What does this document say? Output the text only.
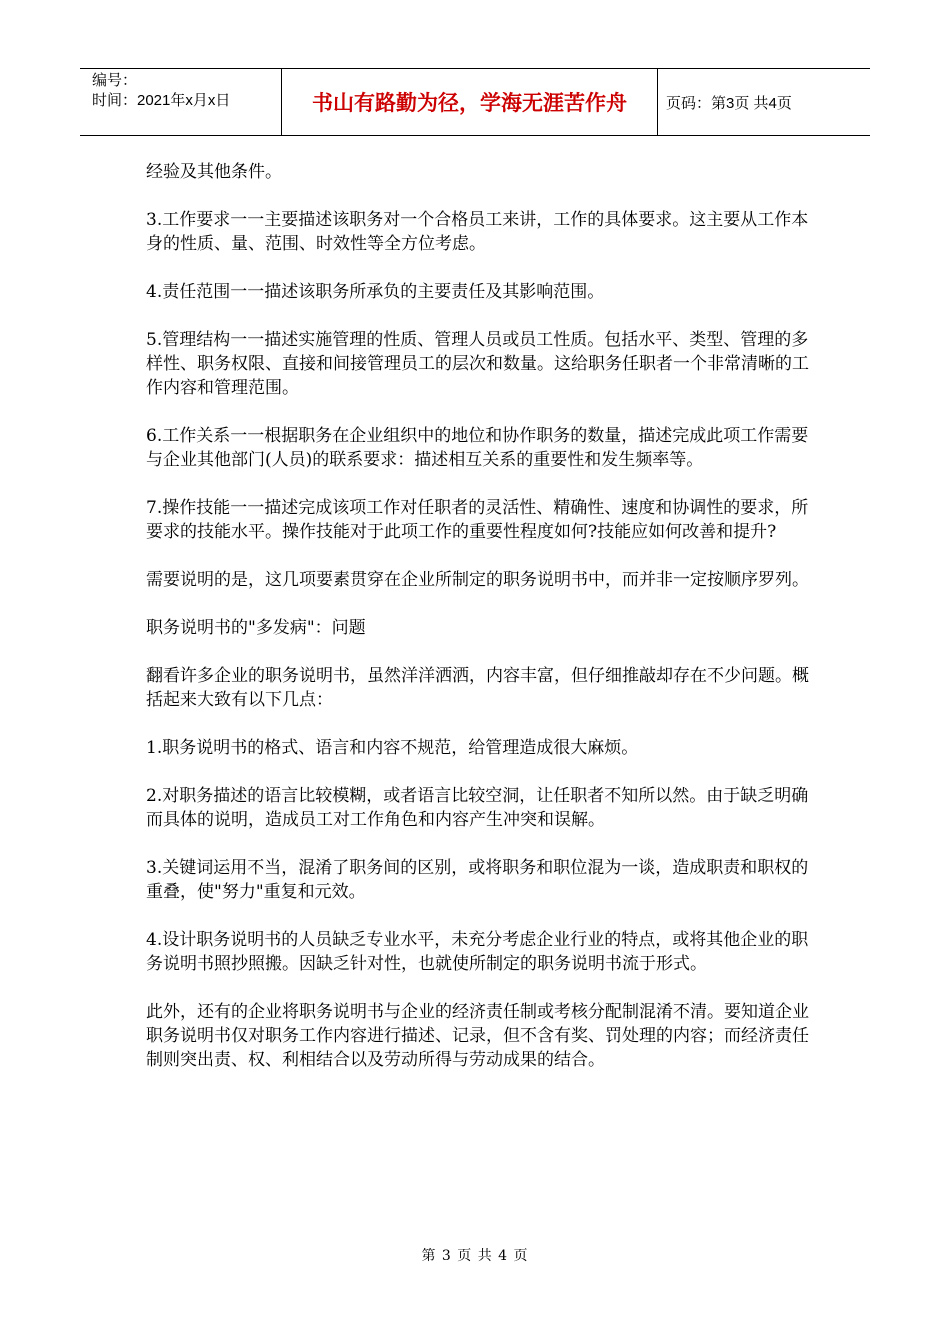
编号：
时间：2021年x月x日	书山有路勤为径，学海无涯苦作舟	页码：第3页 共4页

经验及其他条件。

3.工作要求一一主要描述该职务对一个合格员工来讲，工作的具体要求。这主要从工作本身的性质、量、范围、时效性等全方位考虑。

4.责任范围一一描述该职务所承负的主要责任及其影响范围。

5.管理结构一一描述实施管理的性质、管理人员或员工性质。包括水平、类型、管理的多样性、职务权限、直接和间接管理员工的层次和数量。这给职务任职者一个非常清晰的工作内容和管理范围。

6.工作关系一一根据职务在企业组织中的地位和协作职务的数量，描述完成此项工作需要与企业其他部门(人员)的联系要求：描述相互关系的重要性和发生频率等。

7.操作技能一一描述完成该项工作对任职者的灵活性、精确性、速度和协调性的要求，所要求的技能水平。操作技能对于此项工作的重要性程度如何?技能应如何改善和提升?

需要说明的是，这几项要素贯穿在企业所制定的职务说明书中，而并非一定按顺序罗列。

职务说明书的"多发病"：问题

翻看许多企业的职务说明书，虽然洋洋洒洒，内容丰富，但仔细推敲却存在不少问题。概括起来大致有以下几点：

1.职务说明书的格式、语言和内容不规范，给管理造成很大麻烦。

2.对职务描述的语言比较模糊，或者语言比较空洞，让任职者不知所以然。由于缺乏明确而具体的说明，造成员工对工作角色和内容产生冲突和误解。

3.关键词运用不当，混淆了职务间的区别，或将职务和职位混为一谈，造成职责和职权的重叠，使"努力"重复和元效。

4.设计职务说明书的人员缺乏专业水平，未充分考虑企业行业的特点，或将其他企业的职务说明书照抄照搬。因缺乏针对性，也就使所制定的职务说明书流于形式。

此外，还有的企业将职务说明书与企业的经济责任制或考核分配制混淆不清。要知道企业职务说明书仅对职务工作内容进行描述、记录，但不含有奖、罚处理的内容；而经济责任制则突出责、权、利相结合以及劳动所得与劳动成果的结合。

第 3 页 共 4 页
